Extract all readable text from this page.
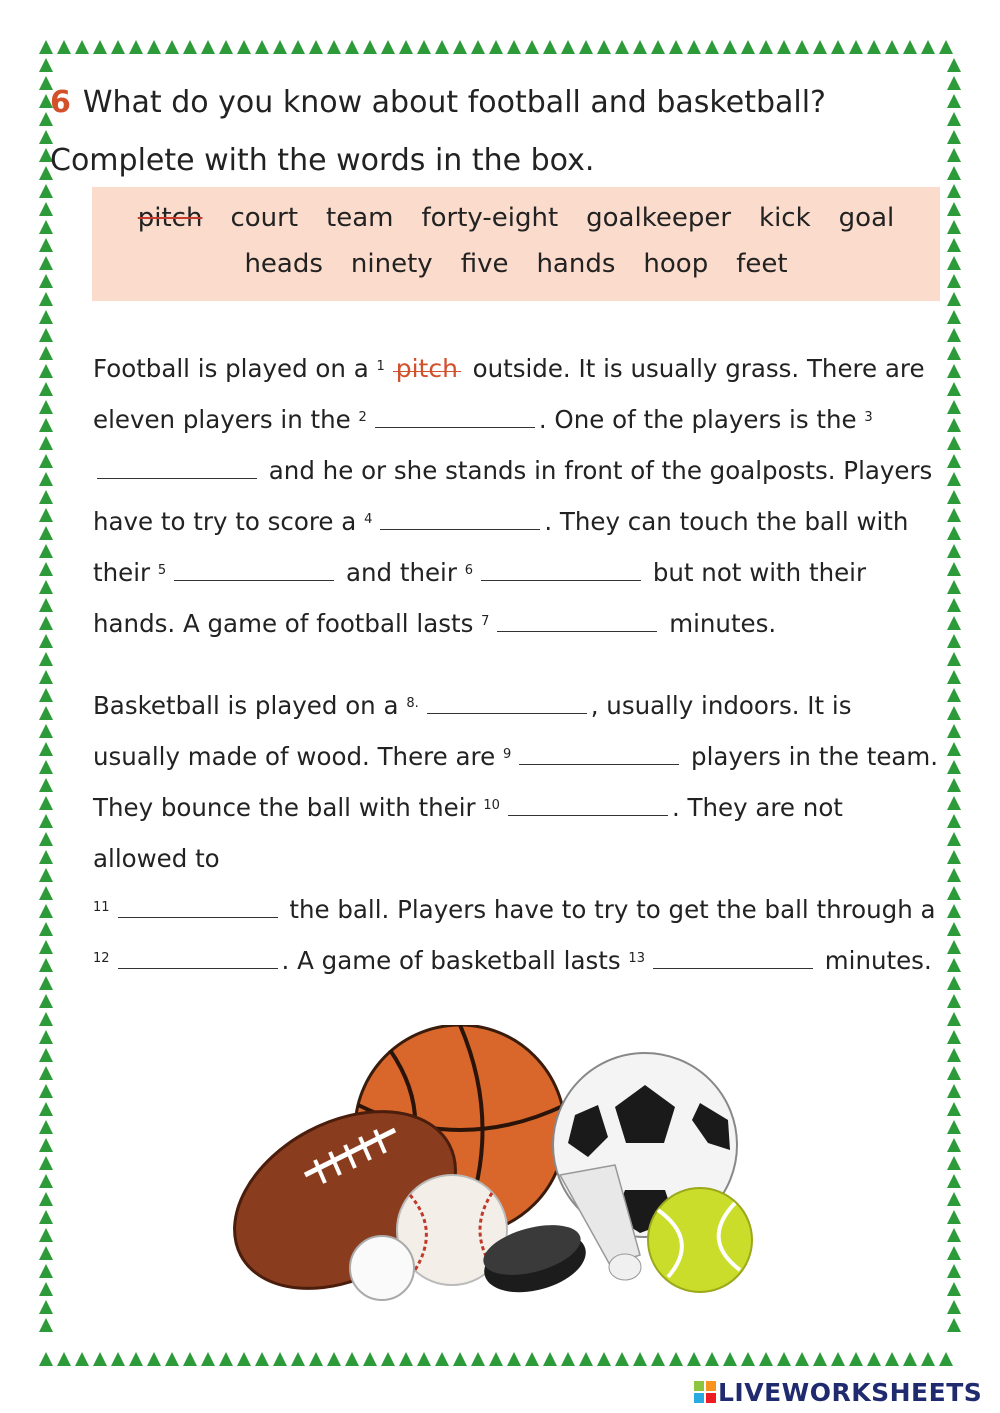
6 What do you know about football and basketball? Complete with the words in the box.
pitch court team forty-eight goalkeeper kick goal
heads ninety five hands hoop feet
Football is played on a $^1$ pitch outside. It is usually grass. There are eleven players in the $^2$	. One of the players is the $^3$ and he or she stands in front of the goalposts. Players have to try to score a $^4$	. They can touch the ball with their $^5$	and their $^6$	but not with their hands. A game of football lasts $^7$	minutes.
Basketball is played on a $^{8.}$	, usually indoors. It is usually made of wood. There are $^9$	players in the team. They bounce the ball with their $^{10}$	. They are not allowed to
$^{11}$	the ball. Players have to try to get the ball through a
$^{12}$	. A game of basketball lasts $^{13}$	minutes.
LIVEWORKSHEETS
